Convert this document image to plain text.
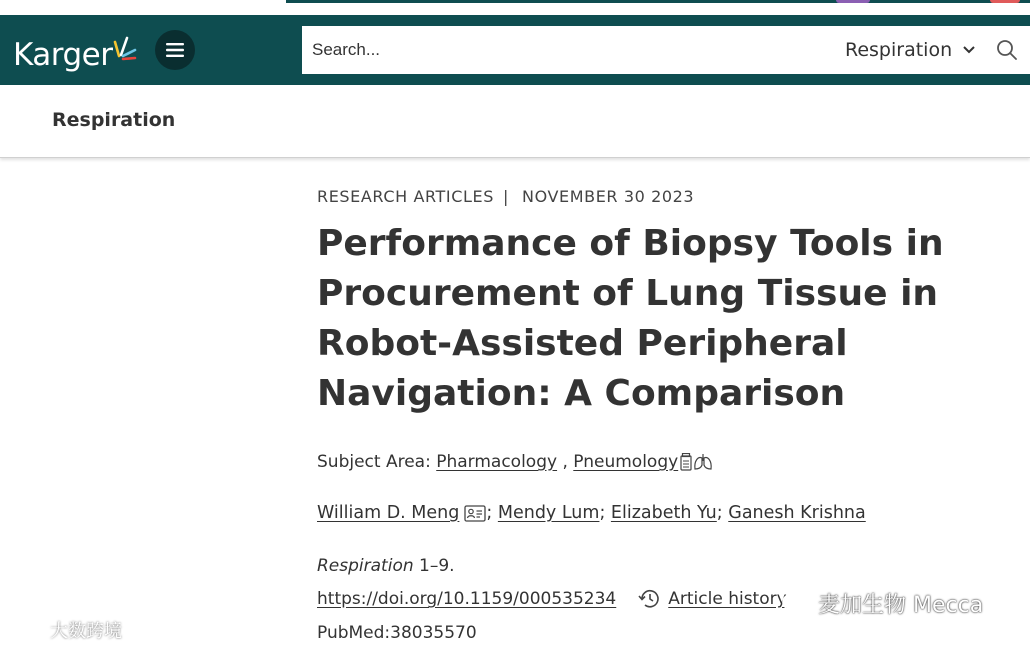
Karger
Search...	Respiration
Respiration
RESEARCH ARTICLES | NOVEMBER 30 2023
Performance of Biopsy Tools in Procurement of Lung Tissue in Robot-Assisted Peripheral Navigation: A Comparison
Subject Area:
Pharmacology
,
Pneumology
William D. Meng ;
Mendy Lum ;
Elizabeth Yu ;
Ganesh Krishna
Respiration 1–9.
https://doi.org/10.1159/000535234	Article history
PubMed:38035570
麦加生物 Mecca
大数跨境
